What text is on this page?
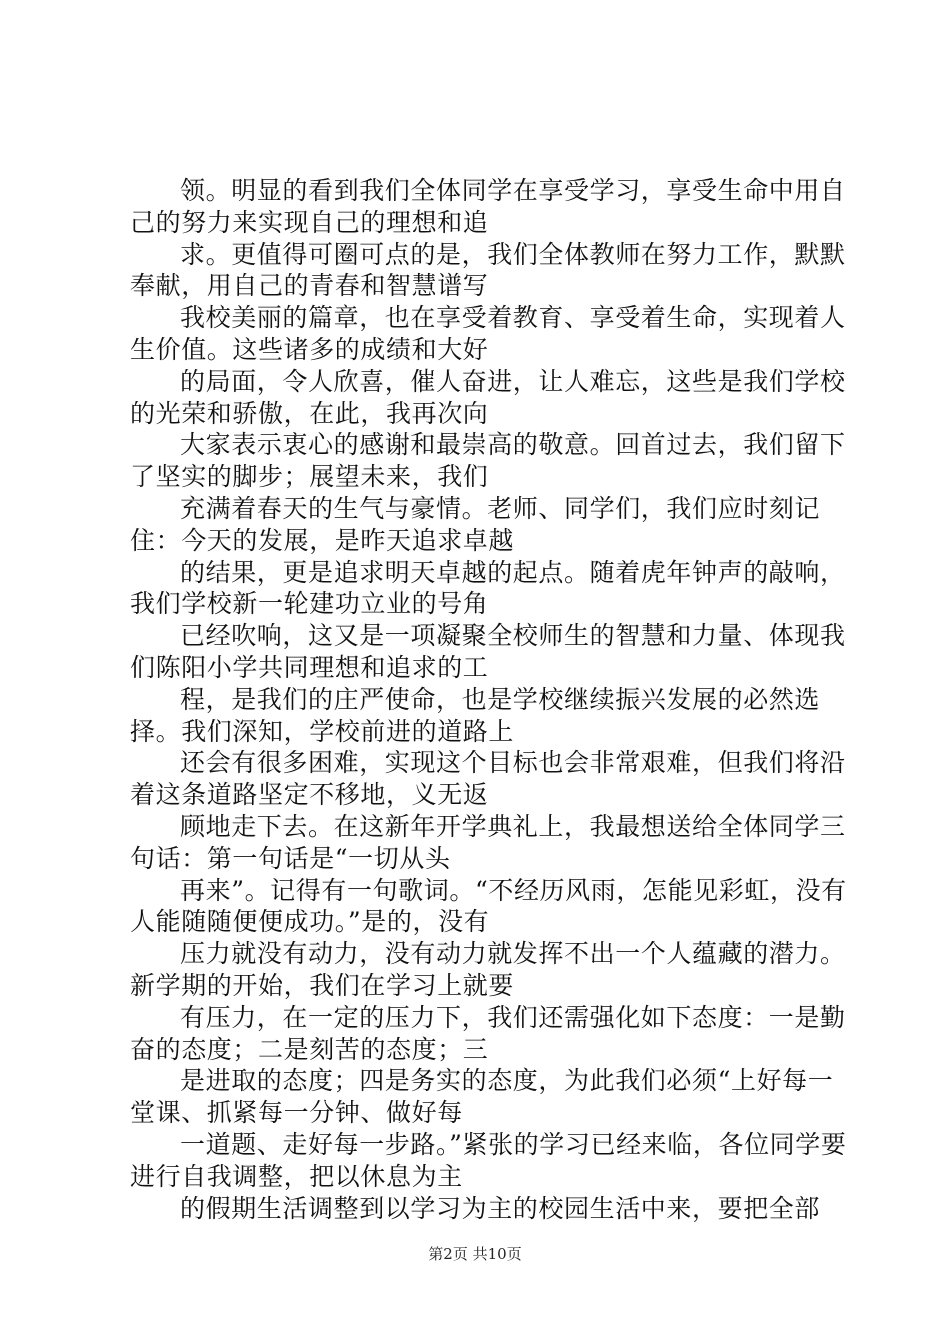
领。明显的看到我们全体同学在享受学习，享受生命中用自己的努力来实现自己的理想和追

求。更值得可圈可点的是，我们全体教师在努力工作，默默奉献，用自己的青春和智慧谱写

我校美丽的篇章，也在享受着教育、享受着生命，实现着人生价值。这些诸多的成绩和大好

的局面，令人欣喜，催人奋进，让人难忘，这些是我们学校的光荣和骄傲，在此，我再次向

大家表示衷心的感谢和最崇高的敬意。回首过去，我们留下了坚实的脚步；展望未来，我们

充满着春天的生气与豪情。老师、同学们，我们应时刻记住：今天的发展，是昨天追求卓越

的结果，更是追求明天卓越的起点。随着虎年钟声的敲响，我们学校新一轮建功立业的号角

已经吹响，这又是一项凝聚全校师生的智慧和力量、体现我们陈阳小学共同理想和追求的工

程，是我们的庄严使命，也是学校继续振兴发展的必然选择。我们深知，学校前进的道路上

还会有很多困难，实现这个目标也会非常艰难，但我们将沿着这条道路坚定不移地，义无返

顾地走下去。在这新年开学典礼上，我最想送给全体同学三句话：第一句话是“一切从头

再来”。记得有一句歌词。“不经历风雨，怎能见彩虹，没有人能随随便便成功。”是的，没有

压力就没有动力，没有动力就发挥不出一个人蕴藏的潜力。新学期的开始，我们在学习上就要

有压力，在一定的压力下，我们还需强化如下态度：一是勤奋的态度；二是刻苦的态度；三

是进取的态度；四是务实的态度，为此我们必须“上好每一堂课、抓紧每一分钟、做好每

一道题、走好每一步路。”紧张的学习已经来临，各位同学要进行自我调整，把以休息为主

的假期生活调整到以学习为主的校园生活中来，要把全部

第2页 共10页
